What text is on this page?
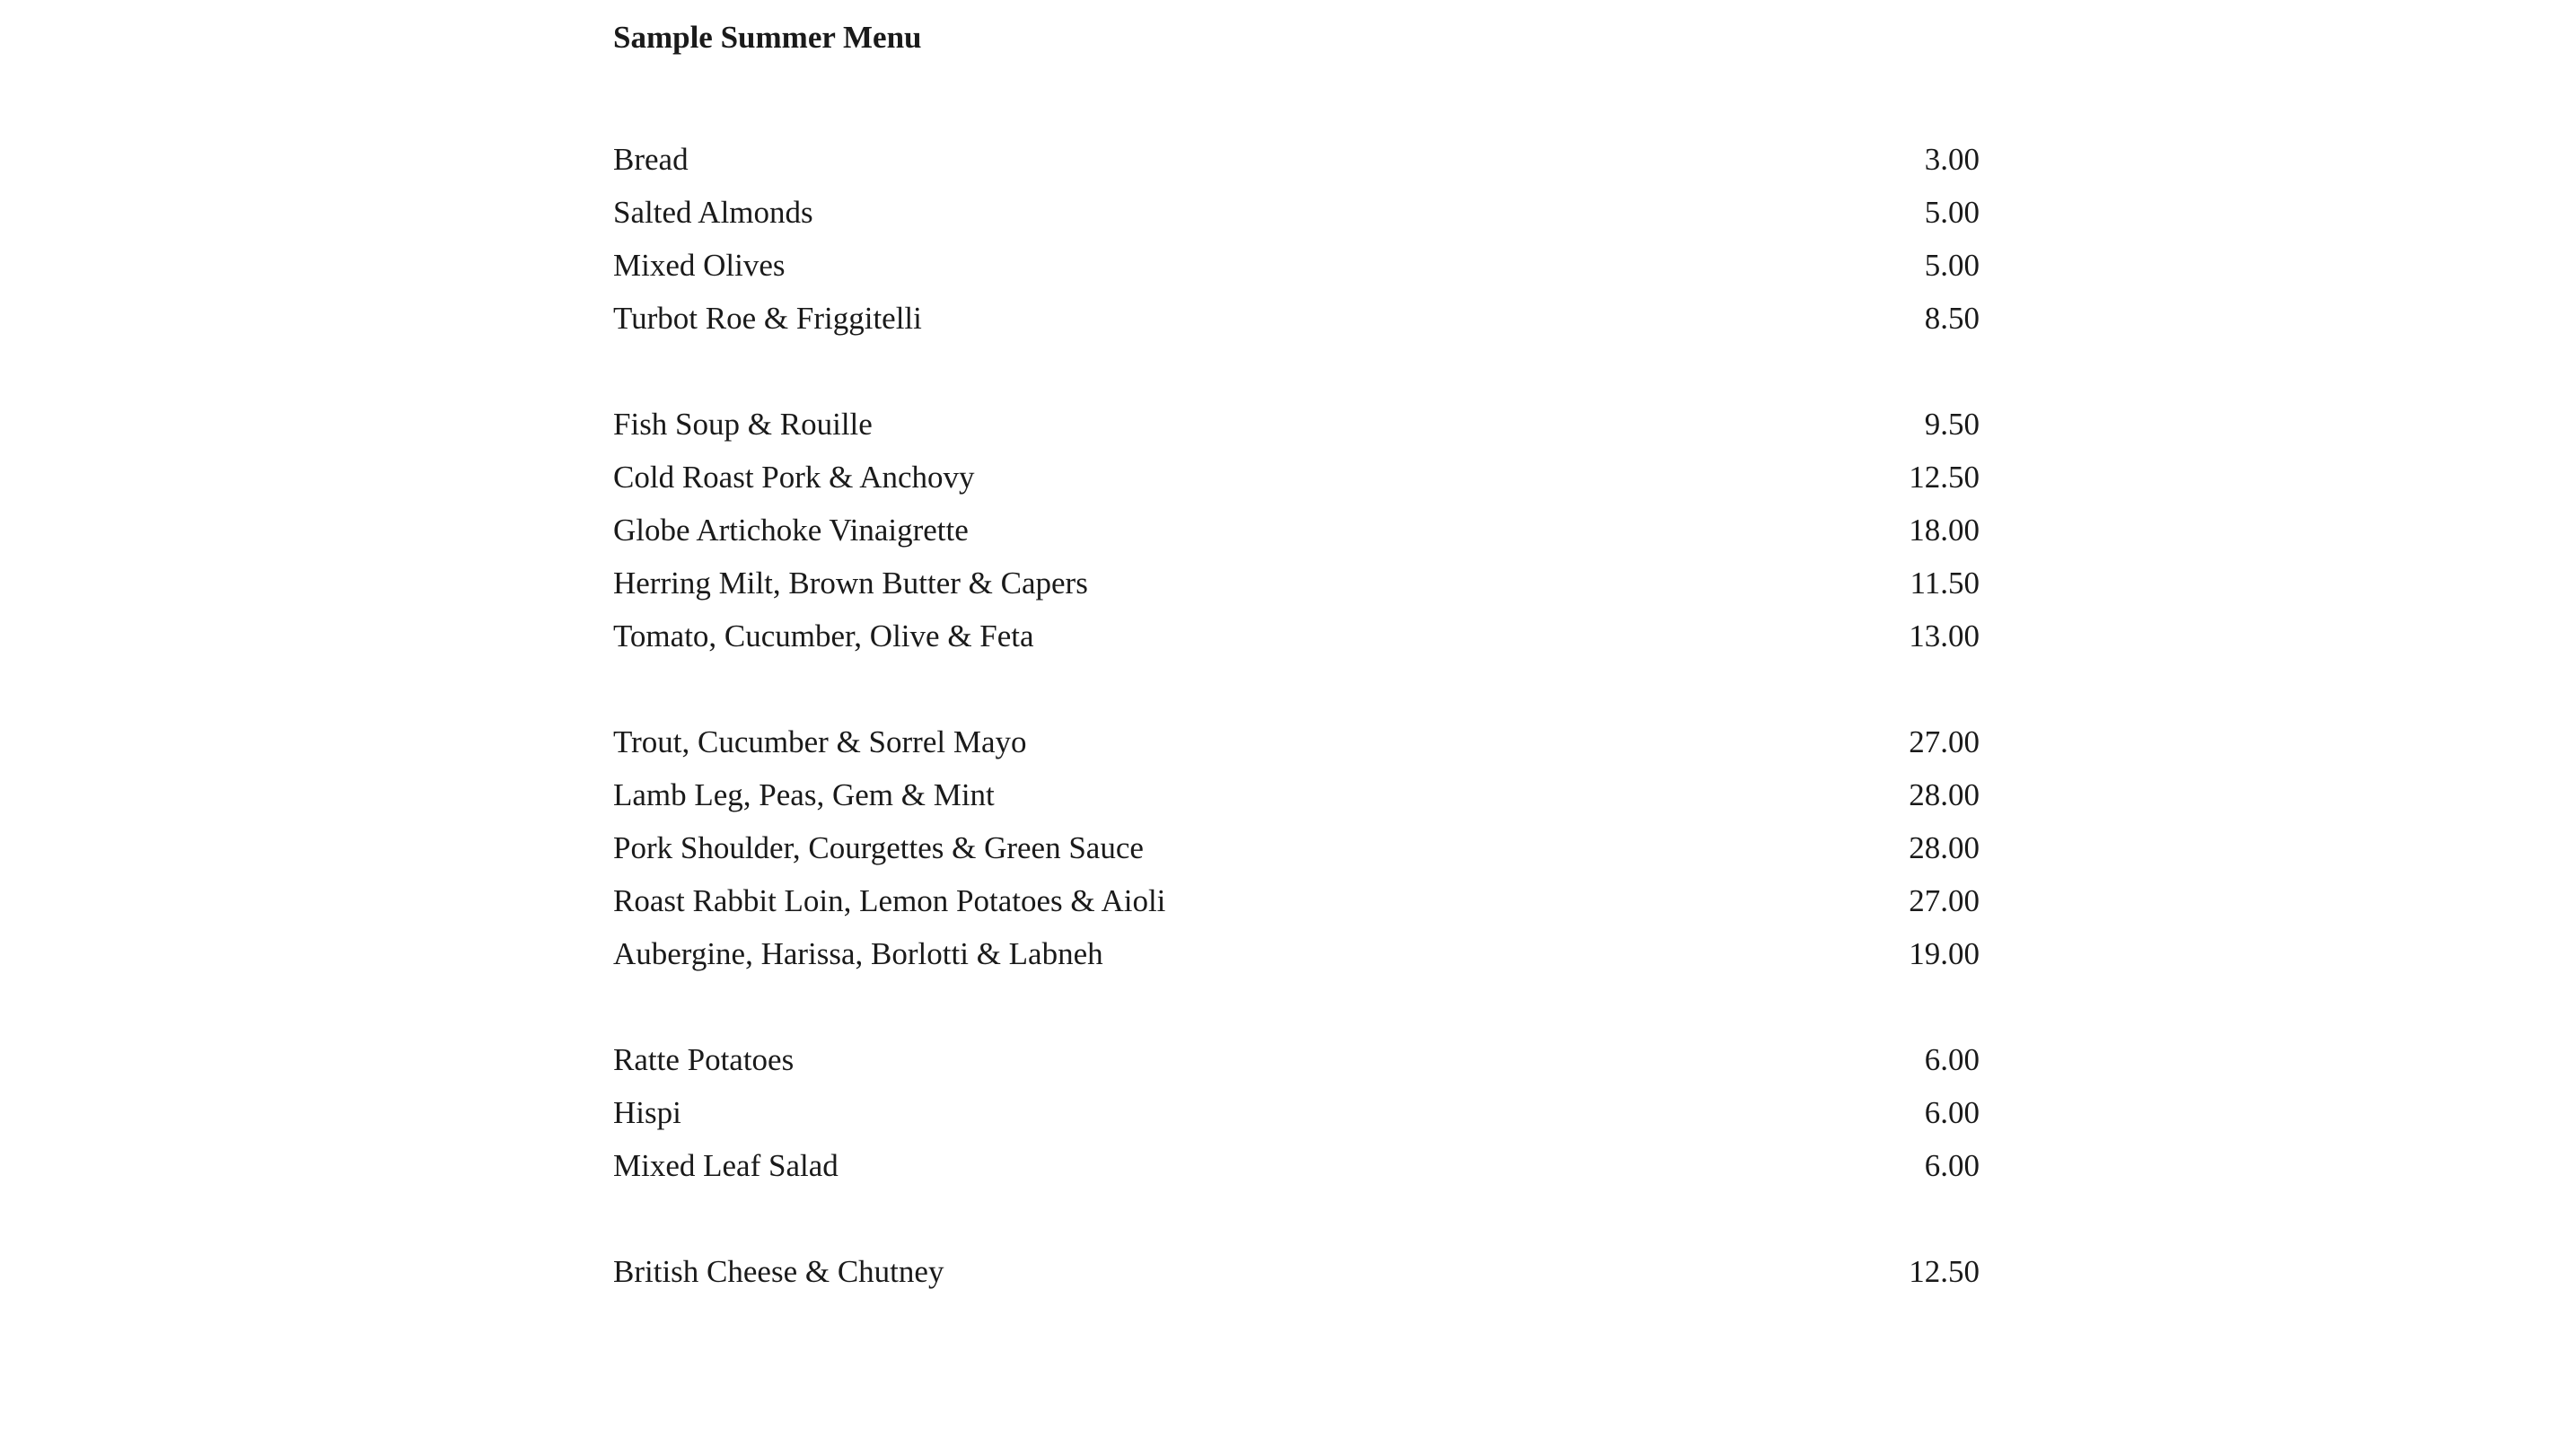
Sample Summer Menu
Bread	3.00
Salted Almonds	5.00
Mixed Olives	5.00
Turbot Roe & Friggitelli	8.50
Fish Soup & Rouille	9.50
Cold Roast Pork & Anchovy	12.50
Globe Artichoke Vinaigrette	18.00
Herring Milt, Brown Butter & Capers	11.50
Tomato, Cucumber, Olive & Feta	13.00
Trout, Cucumber & Sorrel Mayo	27.00
Lamb Leg, Peas, Gem & Mint	28.00
Pork Shoulder, Courgettes & Green Sauce	28.00
Roast Rabbit Loin, Lemon Potatoes & Aioli	27.00
Aubergine, Harissa, Borlotti & Labneh	19.00
Ratte Potatoes	6.00
Hispi	6.00
Mixed Leaf Salad	6.00
British Cheese & Chutney	12.50
